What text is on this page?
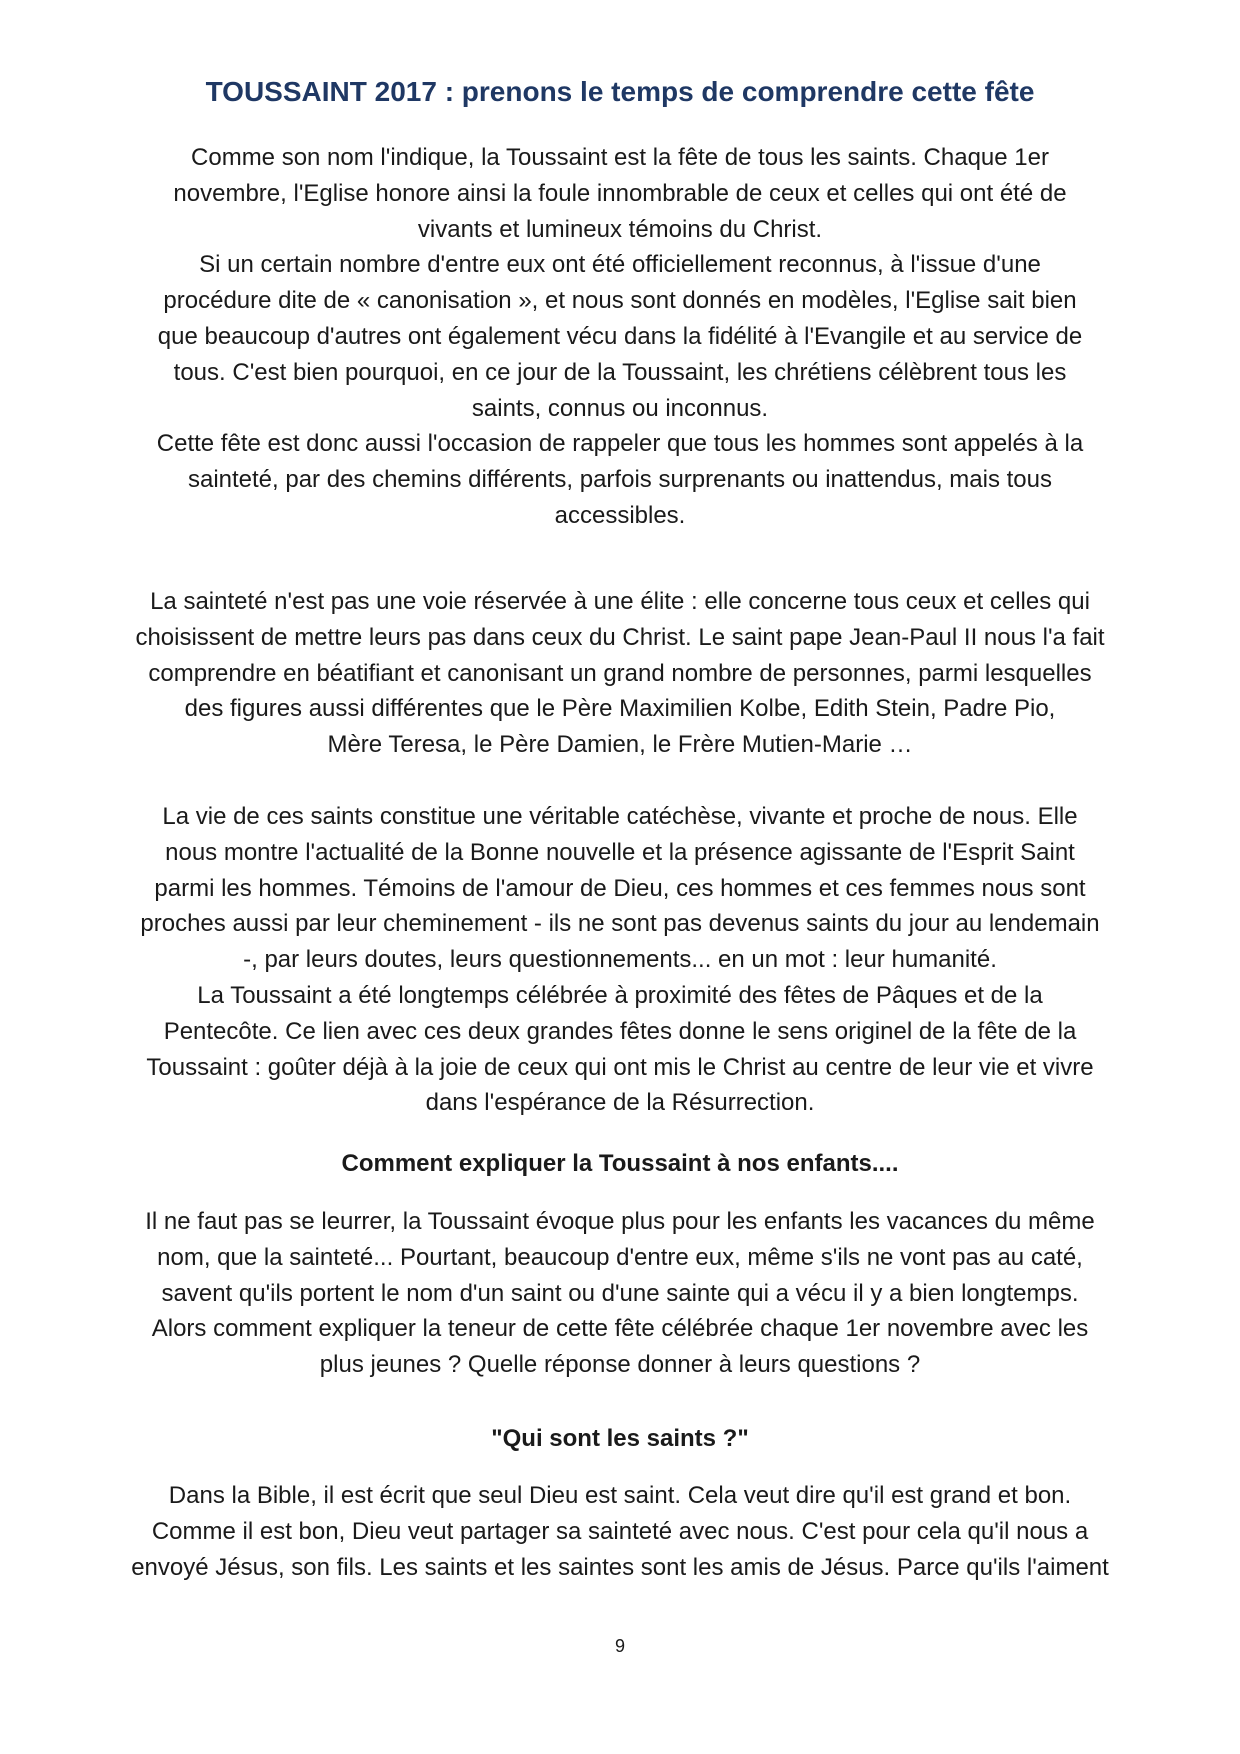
TOUSSAINT 2017 : prenons le temps de comprendre cette fête
Comme son nom l'indique, la Toussaint est la fête de tous les saints. Chaque 1er
novembre, l'Eglise honore ainsi la foule innombrable de ceux et celles qui ont été de
vivants et lumineux témoins du Christ.
Si un certain nombre d'entre eux ont été officiellement reconnus, à l'issue d'une
procédure dite de « canonisation », et nous sont donnés en modèles, l'Eglise sait bien
que beaucoup d'autres ont également vécu dans la fidélité à l'Evangile et au service de
tous. C'est bien pourquoi, en ce jour de la Toussaint, les chrétiens célèbrent tous les
saints, connus ou inconnus.
Cette fête est donc aussi l'occasion de rappeler que tous les hommes sont appelés à la
sainteté, par des chemins différents, parfois surprenants ou inattendus, mais tous
accessibles.
La sainteté n'est pas une voie réservée à une élite : elle concerne tous ceux et celles qui
choisissent de mettre leurs pas dans ceux du Christ. Le saint pape Jean-Paul II nous l'a fait
comprendre en béatifiant et canonisant un grand nombre de personnes, parmi lesquelles
des figures aussi différentes que le Père Maximilien Kolbe, Edith Stein, Padre Pio,
Mère Teresa, le Père Damien, le Frère Mutien-Marie …
La vie de ces saints constitue une véritable catéchèse, vivante et proche de nous. Elle
nous montre l'actualité de la Bonne nouvelle et la présence agissante de l'Esprit Saint
parmi les hommes. Témoins de l'amour de Dieu, ces hommes et ces femmes nous sont
proches aussi par leur cheminement - ils ne sont pas devenus saints du jour au lendemain
-, par leurs doutes, leurs questionnements... en un mot : leur humanité.
La Toussaint a été longtemps célébrée à proximité des fêtes de Pâques et de la
Pentecôte. Ce lien avec ces deux grandes fêtes donne le sens originel de la fête de la
Toussaint : goûter déjà à la joie de ceux qui ont mis le Christ au centre de leur vie et vivre
dans l'espérance de la Résurrection.
Comment expliquer la Toussaint à nos enfants....
Il ne faut pas se leurrer, la Toussaint évoque plus pour les enfants les vacances du même
nom, que la sainteté... Pourtant, beaucoup d'entre eux, même s'ils ne vont pas au caté,
savent qu'ils portent le nom d'un saint ou d'une sainte qui a vécu il y a bien longtemps.
Alors comment expliquer la teneur de cette fête célébrée chaque 1er novembre avec les
plus jeunes ? Quelle réponse donner à leurs questions ?
"Qui sont les saints ?"
Dans la Bible, il est écrit que seul Dieu est saint. Cela veut dire qu'il est grand et bon.
Comme il est bon, Dieu veut partager sa sainteté avec nous. C'est pour cela qu'il nous a
envoyé Jésus, son fils. Les saints et les saintes sont les amis de Jésus. Parce qu'ils l'aiment
9
